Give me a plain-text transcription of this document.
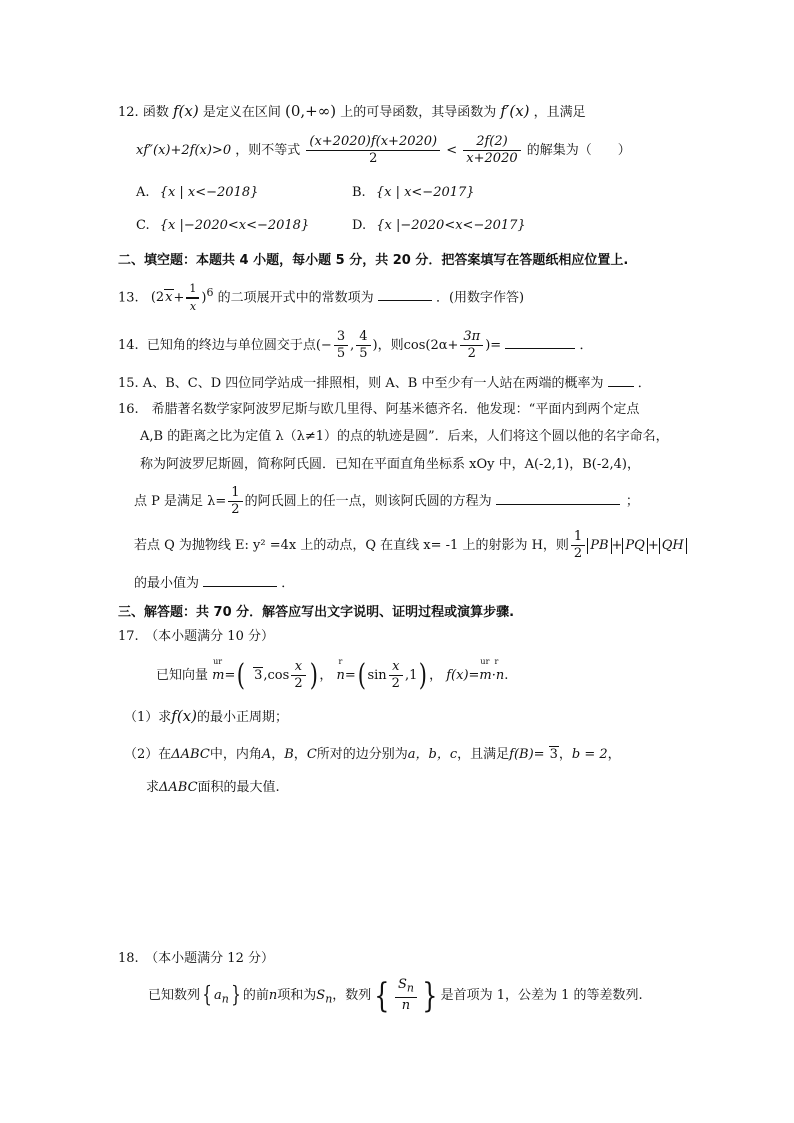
12. 函数 f(x) 是定义在区间 (0,+∞) 上的可导函数，其导函数为 f′(x) ，且满足
xf″(x)+2f(x)>0 ，则不等式 $\frac{(x+2020)f(x+2020)}{2} < \frac{2f(2)}{x+2020}$ 的解集为（　　）
A. {x | x<−2018}	B. {x | x<−2017}
C. {x |−2020<x<−2018}	D. {x |−2020<x<−2017}
二、填空题：本题共 4 小题，每小题 5 分，共 20 分．把答案填写在答题纸相应位置上.
13. $(2x+ \frac{1}{x} )^6$ 的二项展开式中的常数项为	．(用数字作答)
14. 已知角的终边与单位圆交于点(− $\frac{3}{5}$ , $\frac{4}{5}$ )，则$\cos(2\alpha+ \frac{3\pi}{2}$ )=	．
15. A、B、C、D 四位同学站成一排照相，则 A、B 中至少有一人站在两端的概率为	．
16.　希腊著名数学家阿波罗尼斯与欧几里得、阿基米德齐名．他发现：“平面内到两个定点
A,B 的距离之比为定值 λ（λ≠1）的点的轨迹是圆”．后来，人们将这个圆以他的名字命名，
称为阿波罗尼斯圆，简称阿氏圆．已知在平面直角坐标系 xOy 中，A(-2,1)，B(-2,4)，
点 P 是满足 $\lambda= \frac{1}{2}$ 的阿氏圆上的任一点，则该阿氏圆的方程为	；
若点 Q 为抛物线 E: y² =4x 上的动点，Q 在直线 x= -1 上的射影为 H，则 $\frac{1}{2}$ PB + PQ + QH
的最小值为	．
三、解答题：共 70 分．解答应写出文字说明、证明过程或演算步骤.
17.　（本小题满分 10 分）
已知向量
ur
m=( $3,\cos \frac{x}{2}$ ) ，
r
n=( $\sin \frac{x}{2} ,1$) ， f(x)=
ur  r
m·n.
（1）求f(x)的最小正周期；
（2）在ΔABC中，内角A，B，C所对的边分别为a，b，c，且满足f(B)= 3，b = 2，
求ΔABC面积的最大值.
18.　（本小题满分 12 分）
已知数列{ $a_n$} 的前n项和为$S_n$，数列{ $\frac{S_n}{n}$ } 是首项为 1，公差为 1 的等差数列.
